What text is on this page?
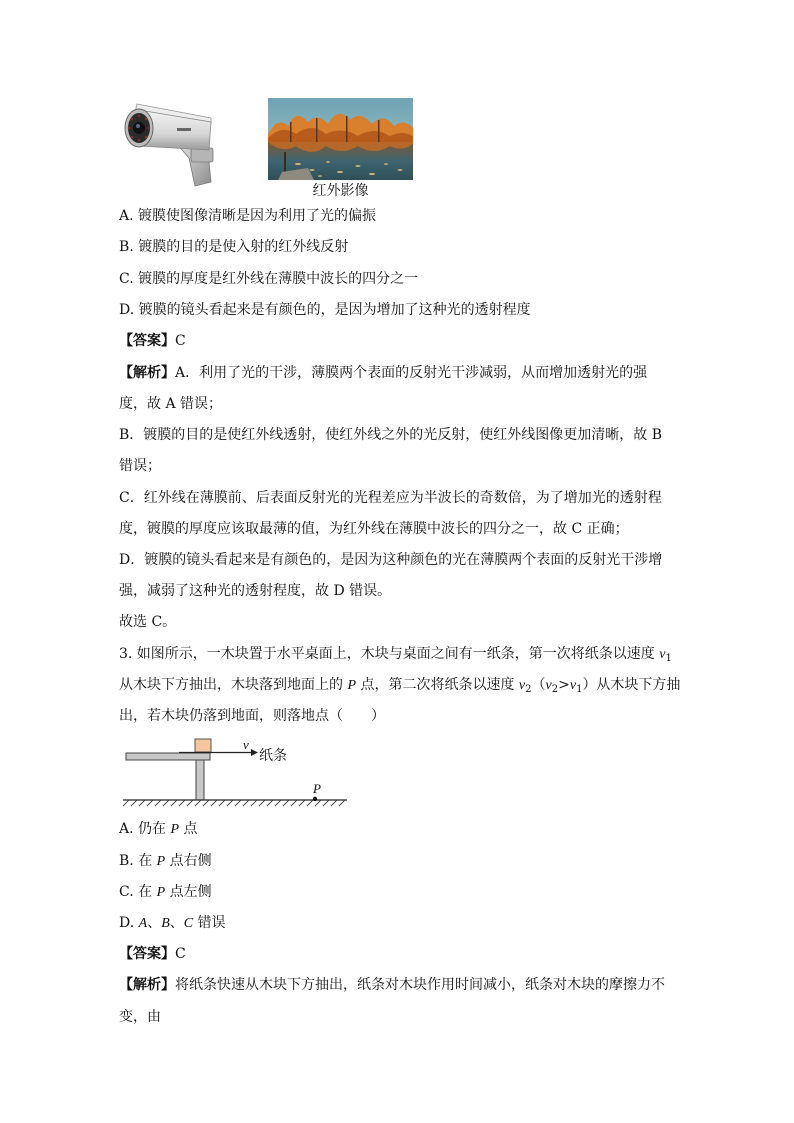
红外影像
A. 镀膜使图像清晰是因为利用了光的偏振
B. 镀膜的目的是使入射的红外线反射
C. 镀膜的厚度是红外线在薄膜中波长的四分之一
D. 镀膜的镜头看起来是有颜色的，是因为增加了这种光的透射程度
【答案】C
【解析】A．利用了光的干涉，薄膜两个表面的反射光干涉减弱，从而增加透射光的强
度，故 A 错误；
B．镀膜的目的是使红外线透射，使红外线之外的光反射，使红外线图像更加清晰，故 B
错误；
C．红外线在薄膜前、后表面反射光的光程差应为半波长的奇数倍，为了增加光的透射程
度，镀膜的厚度应该取最薄的值，为红外线在薄膜中波长的四分之一，故 C 正确；
D．镀膜的镜头看起来是有颜色的，是因为这种颜色的光在薄膜两个表面的反射光干涉增
强，减弱了这种光的透射程度，故 D 错误。
故选 C。
3. 如图所示，一木块置于水平桌面上，木块与桌面之间有一纸条，第一次将纸条以速度 $v_1$
从木块下方抽出，木块落到地面上的 P 点，第二次将纸条以速度 $v_2(v_2>v_1)$从木块下方抽
出，若木块仍落到地面，则落地点（　　）
v
纸条
P
A. 仍在 P 点
B. 在 P 点右侧
C. 在 P 点左侧
D. A、B、C 错误
【答案】C
【解析】将纸条快速从木块下方抽出，纸条对木块作用时间减小，纸条对木块的摩擦力不
变，由
